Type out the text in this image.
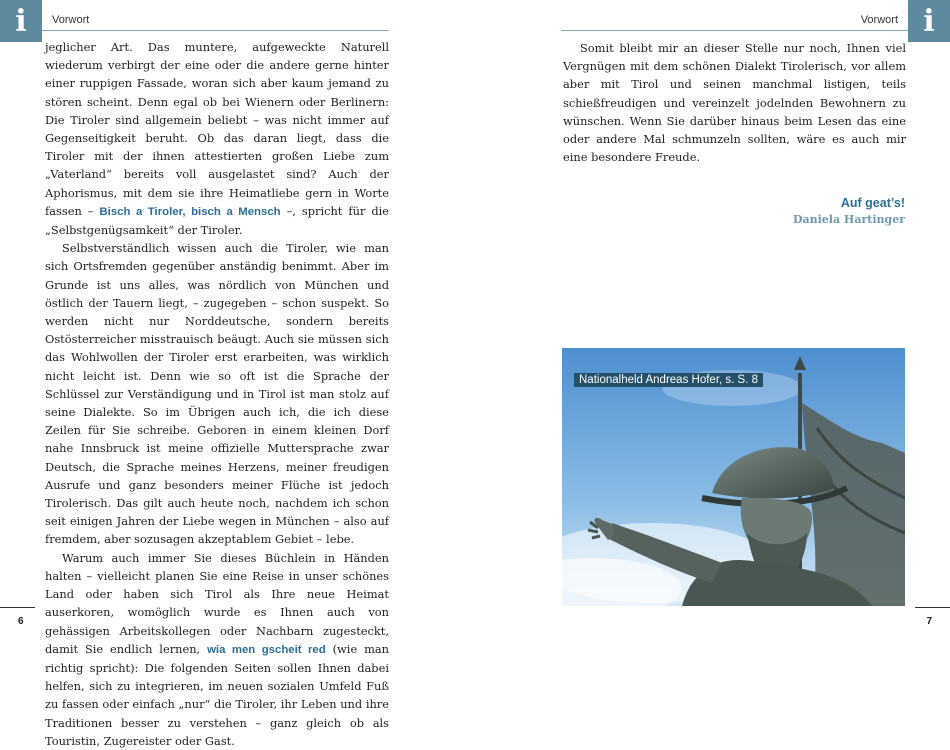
i	Vorwort

jeglicher Art. Das muntere, aufgeweckte Naturell wiederum verbirgt der eine oder die andere gerne hinter einer ruppigen Fassade, woran sich aber kaum jemand zu stören scheint. Denn egal ob bei Wienern oder Berlinern: Die Tiroler sind allgemein beliebt – was nicht immer auf Gegenseitigkeit beruht. Ob das daran liegt, dass die Tiroler mit der ihnen attestierten großen Liebe zum „Vaterland“ bereits voll ausgelastet sind? Auch der Aphorismus, mit dem sie ihre Heimatliebe gern in Worte fassen – Bisch a Tiroler, bisch a Mensch –, spricht für die „Selbstgenügsamkeit“ der Tiroler.

Selbstverständlich wissen auch die Tiroler, wie man sich Ortsfremden gegenüber anständig benimmt. Aber im Grunde ist uns alles, was nördlich von München und östlich der Tauern liegt, – zugegeben – schon suspekt. So werden nicht nur Norddeutsche, sondern bereits Ostösterreicher misstrauisch beäugt. Auch sie müssen sich das Wohlwollen der Tiroler erst erarbeiten, was wirklich nicht leicht ist. Denn wie so oft ist die Sprache der Schlüssel zur Verständigung und in Tirol ist man stolz auf seine Dialekte. So im Übrigen auch ich, die ich diese Zeilen für Sie schreibe. Geboren in einem kleinen Dorf nahe Innsbruck ist meine offizielle Muttersprache zwar Deutsch, die Sprache meines Herzens, meiner freudigen Ausrufe und ganz besonders meiner Flüche ist jedoch Tirolerisch. Das gilt auch heute noch, nachdem ich schon seit einigen Jahren der Liebe wegen in München – also auf fremdem, aber sozusagen akzeptablem Gebiet – lebe.

Warum auch immer Sie dieses Büchlein in Händen halten – vielleicht planen Sie eine Reise in unser schönes Land oder haben sich Tirol als Ihre neue Heimat auserkoren, womöglich wurde es Ihnen auch von gehässigen Arbeitskollegen oder Nachbarn zugesteckt, damit Sie endlich lernen, wia men gscheit red (wie man richtig spricht): Die folgenden Seiten sollen Ihnen dabei helfen, sich zu integrieren, im neuen sozialen Umfeld Fuß zu fassen oder einfach „nur“ die Tiroler, ihr Leben und ihre Traditionen besser zu verstehen – ganz gleich ob als Touristin, Zugereister oder Gast.

6
i
Vorwort

Somit bleibt mir an dieser Stelle nur noch, Ihnen viel Vergnügen mit dem schönen Dialekt Tirolerisch, vor allem aber mit Tirol und seinen manchmal listigen, teils schießfreudigen und vereinzelt jodelnden Bewohnern zu wünschen. Wenn Sie darüber hinaus beim Lesen das eine oder andere Mal schmunzeln sollten, wäre es auch mir eine besondere Freude.

Auf geat’s!
Daniela Hartinger
Nationalheld Andreas Hofer, s. S. 8
7
